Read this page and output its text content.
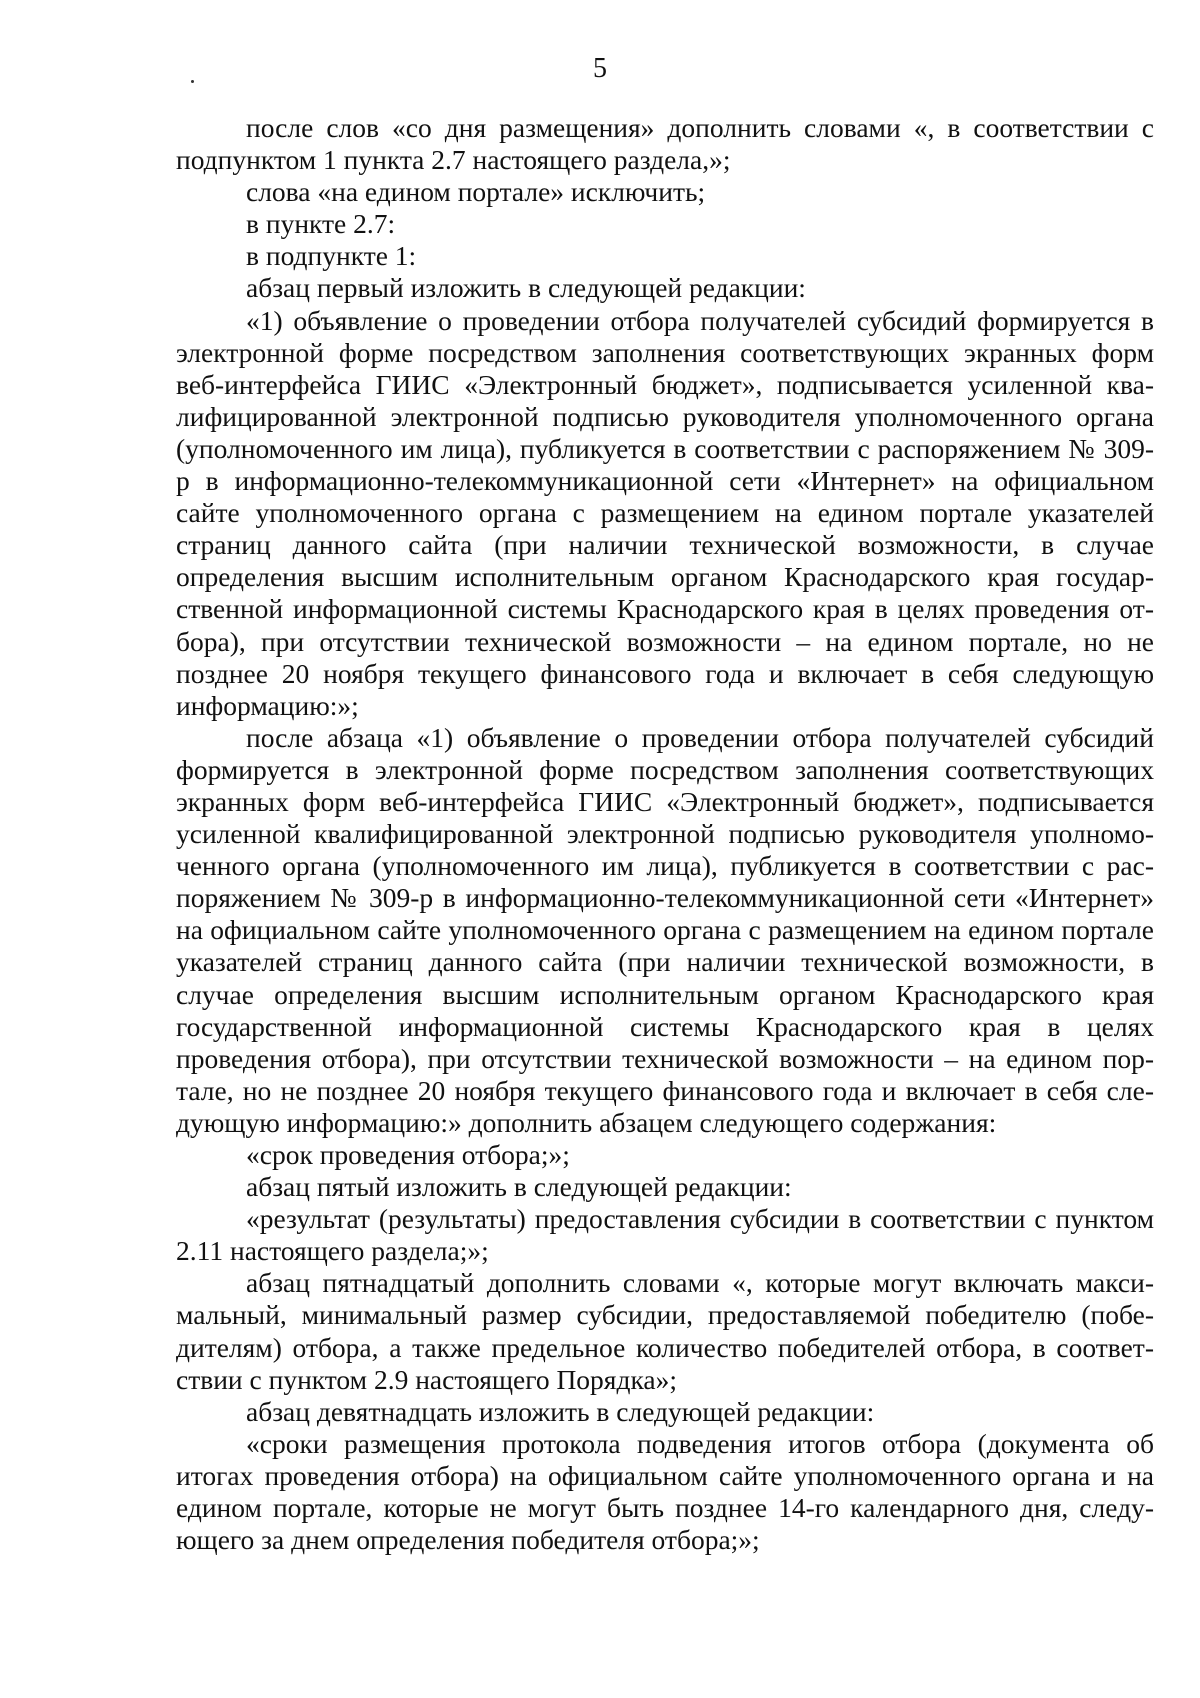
5

после слов «со дня размещения» дополнить словами «, в соответствии с подпунктом 1 пункта 2.7 настоящего раздела,»;

слова «на едином портале» исключить;

в пункте 2.7:

в подпункте 1:

абзац первый изложить в следующей редакции:

«1) объявление о проведении отбора получателей субсидий формируется в электронной форме посредством заполнения соответствующих экранных форм веб-интерфейса ГИИС «Электронный бюджет», подписывается усиленной квалифицированной электронной подписью руководителя уполномоченного органа (уполномоченного им лица), публикуется в соответствии с распоряжением № 309-р в информационно-телекоммуникационной сети «Интернет» на официальном сайте уполномоченного органа с размещением на едином портале указателей страниц данного сайта (при наличии технической возможности, в случае определения высшим исполнительным органом Краснодарского края государственной информационной системы Краснодарского края в целях проведения отбора), при отсутствии технической возможности – на едином портале, но не позднее 20 ноября текущего финансового года и включает в себя следующую информацию:»;

после абзаца «1) объявление о проведении отбора получателей субсидий формируется в электронной форме посредством заполнения соответствующих экранных форм веб-интерфейса ГИИС «Электронный бюджет», подписывается усиленной квалифицированной электронной подписью руководителя уполномоченного органа (уполномоченного им лица), публикуется в соответствии с распоряжением № 309-р в информационно-телекоммуникационной сети «Интернет» на официальном сайте уполномоченного органа с размещением на едином портале указателей страниц данного сайта (при наличии технической возможности, в случае определения высшим исполнительным органом Краснодарского края государственной информационной системы Краснодарского края в целях проведения отбора), при отсутствии технической возможности – на едином портале, но не позднее 20 ноября текущего финансового года и включает в себя следующую информацию:» дополнить абзацем следующего содержания:

«срок проведения отбора;»;

абзац пятый изложить в следующей редакции:

«результат (результаты) предоставления субсидии в соответствии с пунктом 2.11 настоящего раздела;»;

абзац пятнадцатый дополнить словами «, которые могут включать максимальный, минимальный размер субсидии, предоставляемой победителю (победителям) отбора, а также предельное количество победителей отбора, в соответствии с пунктом 2.9 настоящего Порядка»;

абзац девятнадцать изложить в следующей редакции:

«сроки размещения протокола подведения итогов отбора (документа об итогах проведения отбора) на официальном сайте уполномоченного органа и на едином портале, которые не могут быть позднее 14-го календарного дня, следующего за днем определения победителя отбора;»;
